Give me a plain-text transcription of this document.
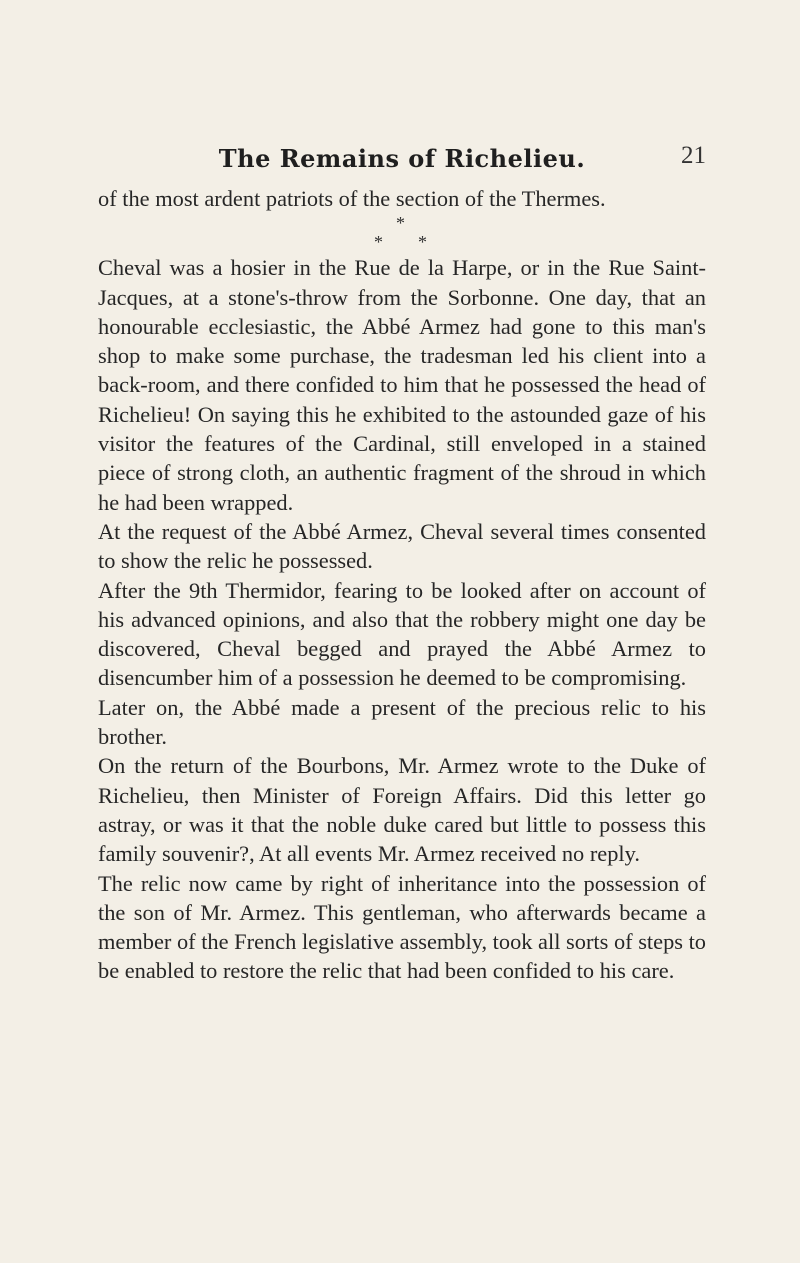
The Remains of Richelieu.	21

of the most ardent patriots of the section of the Thermes.

*
* *

Cheval was a hosier in the Rue de la Harpe, or in the Rue Saint-Jacques, at a stone's-throw from the Sorbonne. One day, that an honourable ecclesiastic, the Abbé Armez had gone to this man's shop to make some purchase, the tradesman led his client into a back-room, and there confided to him that he possessed the head of Richelieu! On saying this he exhibited to the astounded gaze of his visitor the features of the Cardinal, still enveloped in a stained piece of strong cloth, an authentic fragment of the shroud in which he had been wrapped.

At the request of the Abbé Armez, Cheval several times consented to show the relic he possessed.

After the 9th Thermidor, fearing to be looked after on account of his advanced opinions, and also that the robbery might one day be discovered, Cheval begged and prayed the Abbé Armez to disencumber him of a possession he deemed to be compromising.

Later on, the Abbé made a present of the precious relic to his brother.

On the return of the Bourbons, Mr. Armez wrote to the Duke of Richelieu, then Minister of Foreign Affairs. Did this letter go astray, or was it that the noble duke cared but little to possess this family souvenir?, At all events Mr. Armez received no reply.

The relic now came by right of inheritance into the possession of the son of Mr. Armez. This gentleman, who afterwards became a member of the French legislative assembly, took all sorts of steps to be enabled to restore the relic that had been confided to his care.
